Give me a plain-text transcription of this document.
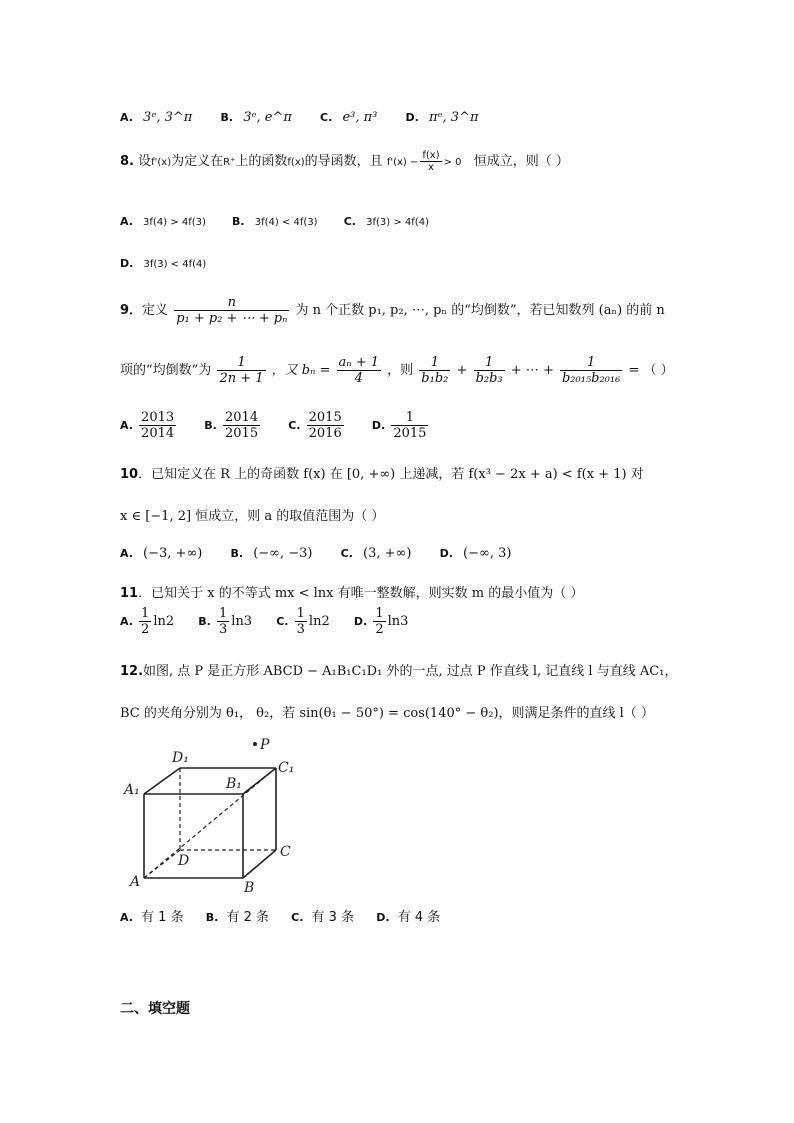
A. 3ᵉ, 3^π	B. 3ᵉ, e^π	C. e³, π³	D. πᵉ, 3^π
8. 设f'(x)为定义在R⁺上的函数f(x)的导函数，且 $f'(x) - \frac{f(x)}{x} > 0$ 恒成立，则（ ）
A. 3f(4) > 4f(3) B. 3f(4) < 4f(3) C. 3f(3) > 4f(4)
D. 3f(3) < 4f(4)
9．定义 $\frac{n}{\text{p₁ + p₂ + ⋯ + pₙ}}$ 为 n 个正数 p₁, p₂, ⋯, pₙ 的“均倒数”，若已知数列 (aₙ) 的前 n
项的“均倒数”为 $\frac{1}{2n + 1}$ ，又 $b_n = \frac{\text{aₙ + 1}}{4}$ ，则 $\frac{1}{\text{b₁b₂}} + \frac{1}{\text{b₂b₃}}$ + ⋯ + $\frac{1}{\text{b₂₀₁₅b₂₀₁₆}}$ = （ ）
A. $\frac{2013}{2014}$	B. $\frac{2014}{2015}$	C. $\frac{2015}{2016}$	D. $\frac{1}{2015}$
10．已知定义在 R 上的奇函数 f(x) 在 [0, +∞) 上递减，若 f(x³ − 2x + a) < f(x + 1) 对
x ∈ [−1, 2] 恒成立，则 a 的取值范围为（ ）
A. (−3, +∞)	B. (−∞, −3)	C. (3, +∞)	D. (−∞, 3)
11．已知关于 x 的不等式 mx < lnx 有唯一整数解，则实数 m 的最小值为（ ）
A. $\frac{1}{2} \ln 2$ B. $\frac{1}{3} \ln 3$ C. $\frac{1}{3} \ln 2$ D. $\frac{1}{2} \ln 3$
12.如图, 点 P 是正方形 ABCD − A₁B₁C₁D₁ 外的一点, 过点 P 作直线 l, 记直线 l 与直线 AC₁，
BC 的夹角分别为 θ₁， θ₂，若 sin(θ₁ − 50°) = cos(140° − θ₂)，则满足条件的直线 l（ ）
P
D₁
C₁
B₁
A₁
D
C
A	B
A. 有 1 条 B. 有 2 条 C. 有 3 条 D. 有 4 条
二、填空题
